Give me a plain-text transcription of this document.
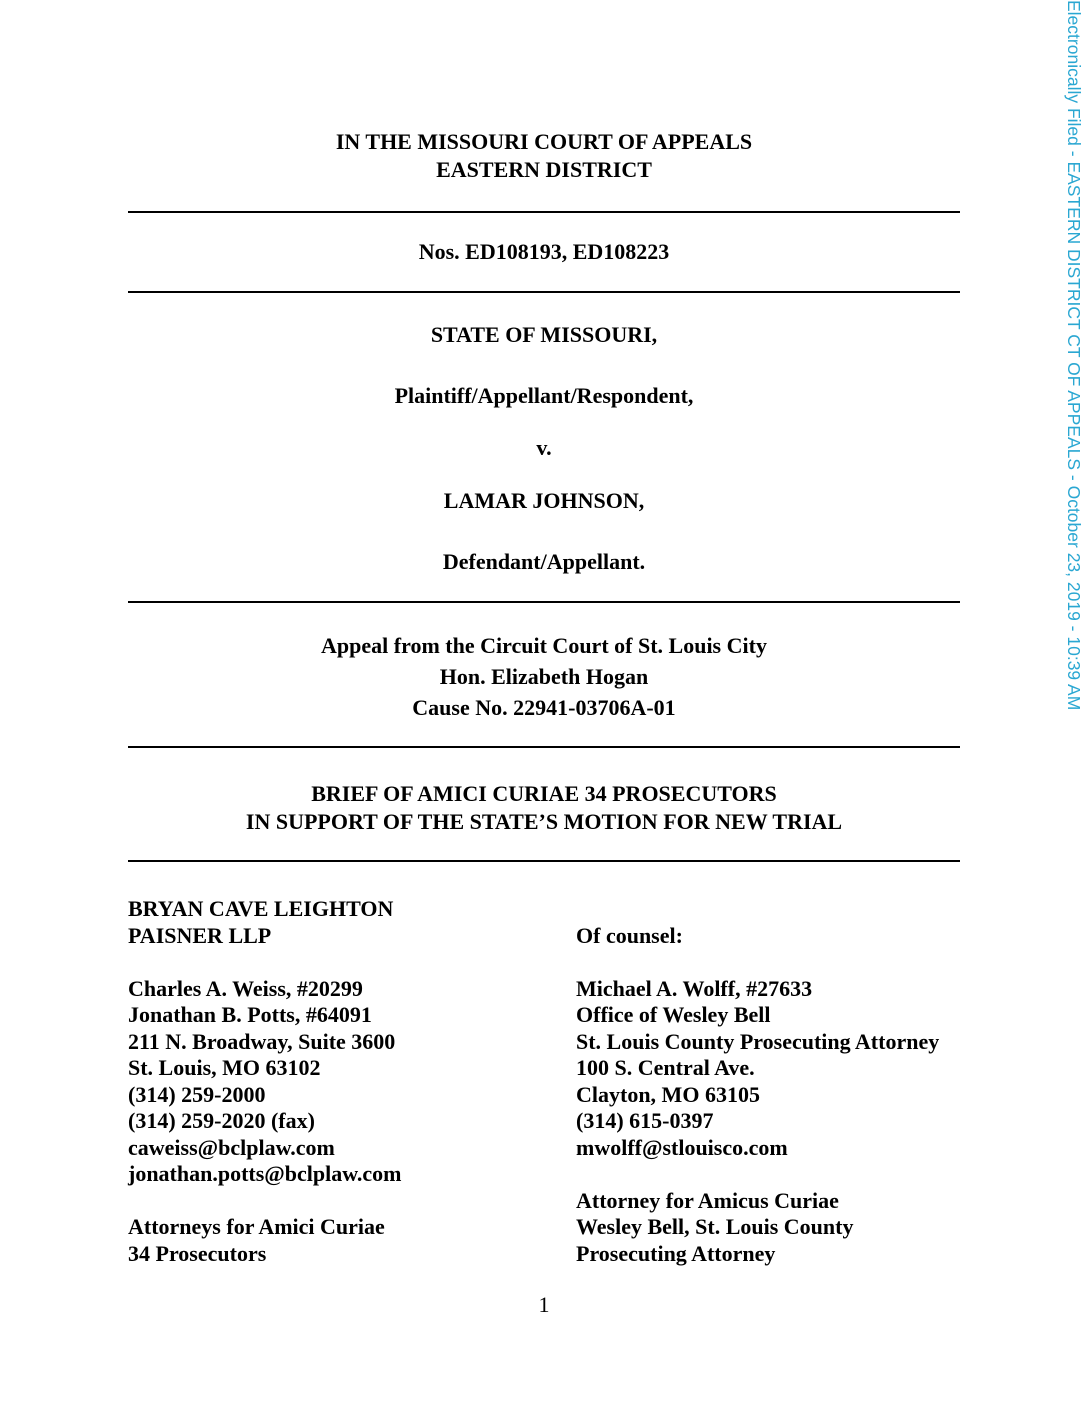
IN THE MISSOURI COURT OF APPEALS
EASTERN DISTRICT
Nos. ED108193, ED108223
STATE OF MISSOURI,
Plaintiff/Appellant/Respondent,
v.
LAMAR JOHNSON,
Defendant/Appellant.
Appeal from the Circuit Court of St. Louis City
Hon. Elizabeth Hogan
Cause No. 22941-03706A-01
BRIEF OF AMICI CURIAE 34 PROSECUTORS
IN SUPPORT OF THE STATE’S MOTION FOR NEW TRIAL
BRYAN CAVE LEIGHTON
PAISNER LLP
Charles A. Weiss, #20299
Jonathan B. Potts, #64091
211 N. Broadway, Suite 3600
St. Louis, MO 63102
(314) 259-2000
(314) 259-2020 (fax)
caweiss@bclplaw.com
jonathan.potts@bclplaw.com
Attorneys for Amici Curiae
34 Prosecutors
Of counsel:
Michael A. Wolff, #27633
Office of Wesley Bell
St. Louis County Prosecuting Attorney
100 S. Central Ave.
Clayton, MO 63105
(314) 615-0397
mwolff@stlouisco.com
Attorney for Amicus Curiae
Wesley Bell, St. Louis County
Prosecuting Attorney
1
Electronically Filed - EASTERN DISTRICT CT OF APPEALS - October 23, 2019 - 10:39 AM
